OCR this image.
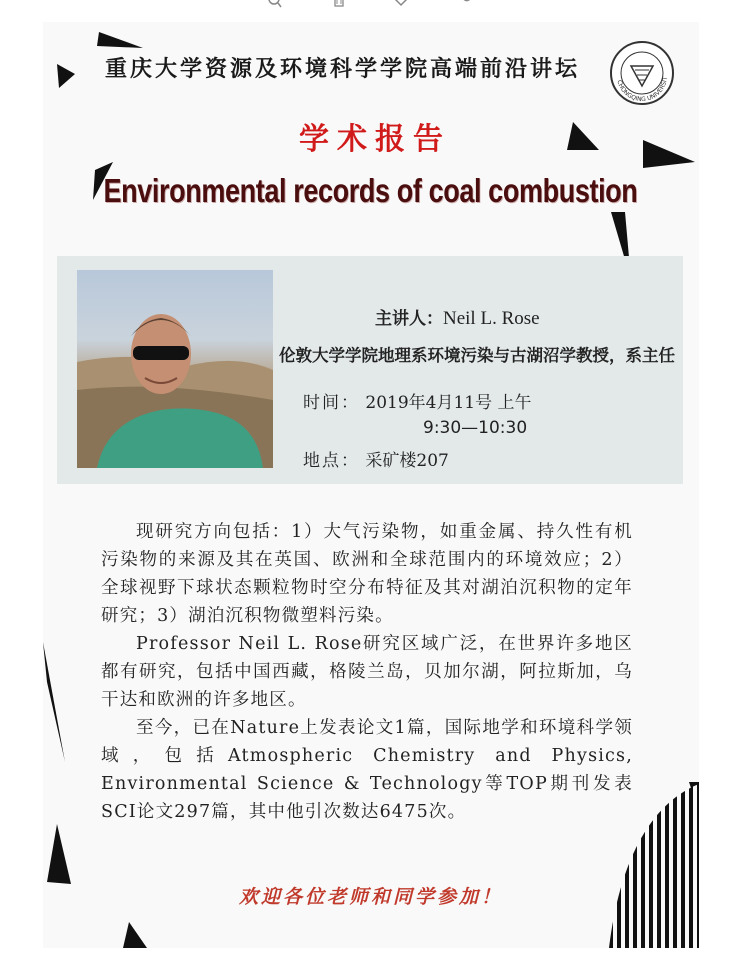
重庆大学资源及环境科学学院高端前沿讲坛
CHONGQING UNIVERSIT
学术报告
Environmental records of coal combustion
主讲人：Neil L. Rose
伦敦大学学院地理系环境污染与古湖沼学教授，系主任
时间： 2019年4月11号 上午
9:30—10:30
地点： 采矿楼207

现研究方向包括：1）大气污染物，如重金属、持久性有机污染物的来源及其在英国、欧洲和全球范围内的环境效应；2）全球视野下球状态颗粒物时空分布特征及其对湖泊沉积物的定年研究；3）湖泊沉积物微塑料污染。

Professor Neil L. Rose研究区域广泛，在世界许多地区都有研究，包括中国西藏，格陵兰岛，贝加尔湖，阿拉斯加，乌干达和欧洲的许多地区。

至今，已在Nature上发表论文1篇，国际地学和环境科学领域，包括Atmospheric Chemistry and Physics, Environmental Science & Technology等TOP期刊发表SCI论文297篇，其中他引次数达6475次。

欢迎各位老师和同学参加！
